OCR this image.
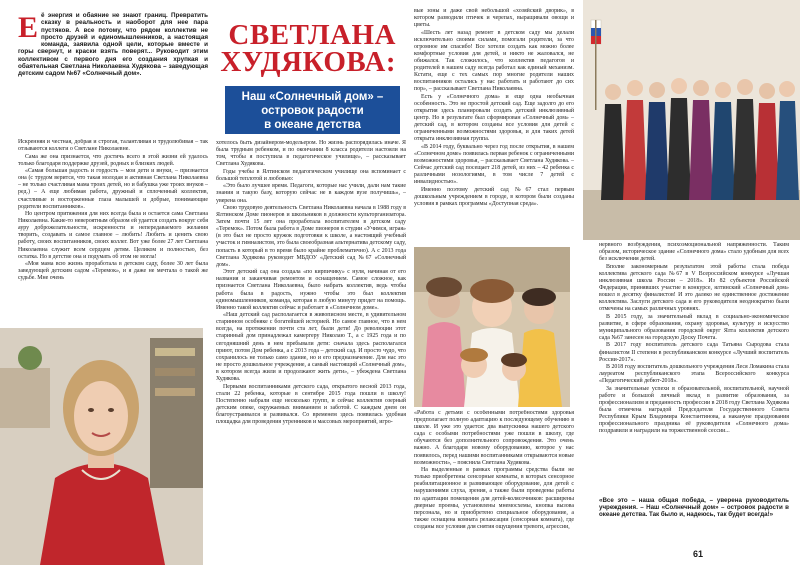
Её энергия и обаяние не знают границ. Превратить сказку в реальность и наоборот для нее пара пустяков. А все потому, что рядом коллектив не просто друзей и единомышленников, а настоящая команда, заявила одной цели, которые вместе и горы свернут, и краски взять поверят... Руководит этим коллективом с первого дня его создания хрупкая и обаятельная Светлана Николаевна Худякова – заведующая детским садом №67 «Солнечный дом».

Искренняя и честная, добрая и строгая, талантливая и трудолюбивая – так отзываются коллеги о Светлане Николаевне.

Сама же она признается, что достичь всего в этой жизни ей удалось только благодаря поддержке друзей, родных и близких людей.

«Самая большая радость и гордость – мои дети и внуки, – признается она (с трудом верится, что такая молодая и активная Светлана Николаевна – не только счастливая мама троих детей, но и бабушка уже троих внуков – ред.) – А еще любимая работа, дружный и сплоченный коллектив, счастливые и восторженные глаза малышей и добрые, понимающие родители воспитанников».

Но центром притяжения для них всегда была и остается сама Светлана Николаевна. Какие-то невероятным образом ей удается создать вокруг себя ауру доброжелательности, искренности и непередаваемого желания творить, создавать и самое главное – любить! Любить и ценить свою работу, своих воспитанников, своих коллег. Вот уже более 27 лет Светлана Николаевна служит всем сердцем детям. Целиком и полностью, без остатка. Но в детстве она и подумать об этом не могла!

«Моя мама всю жизнь проработала в детском саду, более 30 лет была заведующей детским садом «Теремок», и я даже не мечтала о такой же судьбе. Мне очень

СВЕТЛАНА
ХУДЯКОВА:
Наш «Солнечный дом» –
островок радости
в океане детства

хотелось быть дизайнером-модельером. Но жизнь распорядилась иначе. Я была трудным ребенком, и по окончании 8 класса родители настояли на том, чтобы я поступила в педагогическое училище», – рассказывает Светлана Худякова.

Годы учебы в Ялтинском педагогическом училище она вспоминает с большой теплотой и любовью:

«Это было лучшее время. Педагоги, которые нас учили, дали нам такие знания и такую базу, которую сейчас не в каждом вузе получишь», – уверена она.

Свою трудовую деятельность Светлана Николаевна начала в 1988 году в Ялтинском Доме пионеров и школьников в должности культорганизатора. Затем почти 15 лет она проработала воспитателем в детском саду «Теремок». Потом была работа в Доме пионеров в студии «Учимся, играя» (в это был не просто кружок подготовки к школе, а настоящий учебный участок и гимназистом, это была своеобразная альтернатива детскому саду, попасть в который в то время было крайне проблематично). А с 2013 года Светлана Худякова руководит МБДОУ «Детский сад №67 «Солнечный дом».

Этот детский сад она создала «по кирпичику» с нуля, начиная от его названия и заканчивая ремонтом и оснащением. Самое сложное, как признается Светлана Николаевна, было набрать коллектив, ведь чтобы работа была в радость, нужно чтобы это был коллектив единомышленников, команда, которая в любую минуту придет на помощь. Именно такой коллектив сейчас и работает в «Солнечном доме».

«Наш детский сад располагается в живописном месте, в удивительном старинном особняке с богатейшей историей. Но самое главное, что в нем всегда, на протяжении почти ста лет, были дети! До революции этот старинный дом принадлежал камергеру Николаю Т., а с 1925 года и по сегодняшний день в нем пребывали дети: сначала здесь располагался приют, потом Дом ребенка, а с 2013 года – детский сад. И просто чудо, что сохранилось не только само здание, но и его предназначение. Для нас это не просто дошкольное учреждение, а самый настоящий «Солнечный дом», в котором всегда жили и продолжают жить дети», – убеждена Светлана Худякова.

Первыми воспитанниками детского сада, открытого весной 2013 года, стали 22 ребенка, которые в сентябре 2015 года пошли в школу! Постепенно набрали еще несколько групп, и сейчас коллектив озерный детским опеке, окружаемых вниманием и заботой. С каждым днем он благоустраивался и развивался. Со временем здесь появилась удобная площадка для проведения утренников и массовых мероприятий, игро-

вые зоны и даже свой небольшой «хозяйский дворик», в котором разводили птичек и черепах, выращивали овощи и цветы.

«Шесть лет назад ремонт в детском саду мы делали исключительно своими силами, помогали родители, за что огромное им спасибо! Все хотели создать как можно более комфортные условия для детей, и никто не жаловался, не обижался. Так сложилось, что коллектив педагогов и родителей в нашем саду всегда работал как единый механизм. Кстати, еще с тех самых пор многие родители наших воспитанников остались у нас работать и работают до сих пор», – рассказывает Светлана Николаевна.

Есть у «Солнечного дома» и еще одна необычная особенность. Это не простой детский сад. Еще задолго до его открытия здесь планировали создать детский инклюзивный центр. Но в результате был сформирован «Солнечный дом» – детский сад, в котором созданы все условия для детей с ограниченными возможностями здоровья, и для таких детей открыта инклюзивная группа.

«В 2014 году, буквально через год после открытия, в нашем «Солнечном доме» появилась первая ребенок с ограниченными возможностями здоровья, – рассказывает Светлана Худякова. – Сейчас детский сад посещает 218 детей, из них – 42 ребенка с различными нозологиями, в том числе 7 детей с инвалидностью».

Именно поэтому детский сад №67 стал первым дошкольным учреждением в городе, в котором были созданы условия в рамках программы «Доступная среда».

«Работа с детьми с особенными потребностями здоровья предполагает полную адаптацию к последующему обучению в школе. И уже это удается: два выпускника нашего детского сада с особыми потребностями уже пошли в школу, где обучаются без дополнительного сопровождения. Это очень важно. А благодаря новому оборудованию, которое у нас появилось, перед нашими воспитанниками открываются новые возможности», – пояснила Светлана Худякова.

На выделенные в рамках программы средства были не только приобретены сенсорные комнаты, в которых сенсорное реабилитационное и развивающее оборудование, для детей с нарушениями слуха, зрения, а также были проведены работы по адаптации помещения для детей-колясочников: расширены дверные проемы, установлены мнемосхемы, кнопка вызова персонала, но и приобретено специальное оборудование, а также оснащена комната релаксации (сенсорная комната), где созданы все условия для снятия ощущения тревоги, агрессии,

нервного возбуждения, психоэмоциональной напряженности. Таким образом, историческое здание «Солнечного дома» стало удобным для всех без исключения детей.

Вполне закономерным результатом этой работы стала победа коллектива детского сада №67 в V Всероссийском конкурсе «Лучшая инклюзивная школа России – 2018». Из 82 субъектов Российской Федерации, принявших участие в конкурсе, ялтинский «Солнечный дом» вошел в десятку финалистов! И это далеко не единственное достижение коллектива. Заслуги детского сада и его руководителя неоднократно были отмечены на самых различных уровнях.

В 2015 году, за значительный вклад в социально-экономическое развитие, в сфере образования, охрану здоровья, культуру и искусство муниципального образования городской округ Ялта коллектив детского сада №67 занесен на городскую Доску Почета.

В 2017 году воспитатель детского сада Татьяна Сыродова стала финалистом II степени в республиканском конкурсе «Лучший воспитатель России-2017».

В 2018 году воспитатель дошкольного учреждения Леся Ломакина стала лауреатом республиканского этапа Всероссийского конкурса «Педагогический дебют-2018».

За значительные успехи в образовательной, воспитательной, научной работе и большой личный вклад в развитие образования, за профессионализм и преданность профессии в 2018 году Светлана Худякова была отмечена наградой Председателя Государственного Совета Республики Крым Владимира Константинова, а накануне празднования профессионального праздника её руководителя «Солнечного дома» поздравили и наградили на торжественной сессии...

«Все это – наша общая победа, – уверена руководитель учреждения. – Наш «Солнечный дом» – островок радости в океане детства. Так было и, надеюсь, так будет всегда!»
61
